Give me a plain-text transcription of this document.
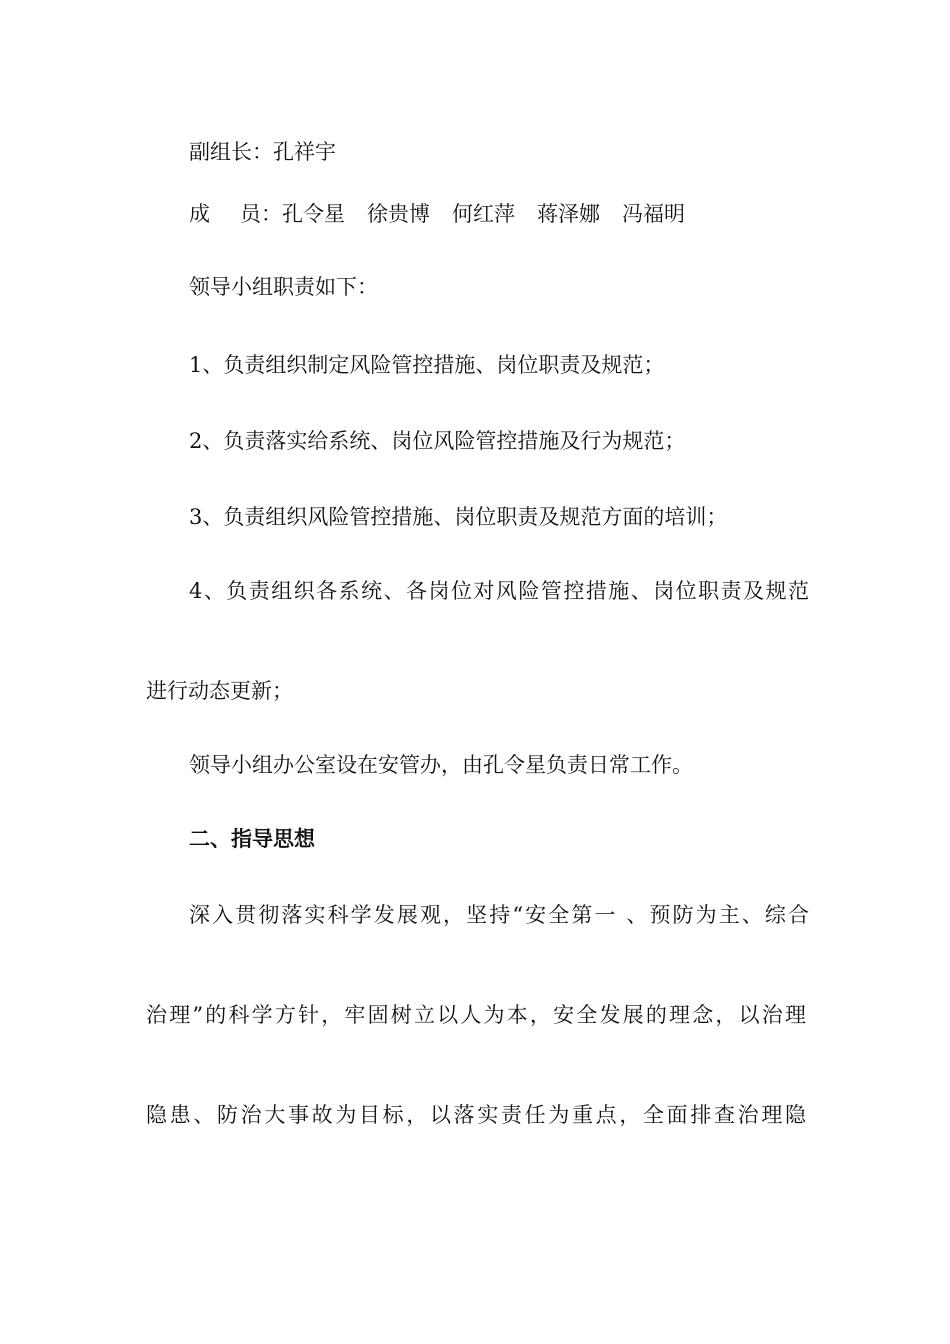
副组长：孔祥宇
成 员：孔令星 徐贵博 何红萍 蒋泽娜 冯福明
领导小组职责如下：
1、负责组织制定风险管控措施、岗位职责及规范；
2、负责落实给系统、岗位风险管控措施及行为规范；
3、负责组织风险管控措施、岗位职责及规范方面的培训；
4、负责组织各系统、各岗位对风险管控措施、岗位职责及规范
进行动态更新；
领导小组办公室设在安管办，由孔令星负责日常工作。
二、指导思想
深入贯彻落实科学发展观，坚持“安全第一 、预防为主、综合
治理”的科学方针，牢固树立以人为本，安全发展的理念，以治理
隐患、防治大事故为目标，以落实责任为重点，全面排查治理隐
